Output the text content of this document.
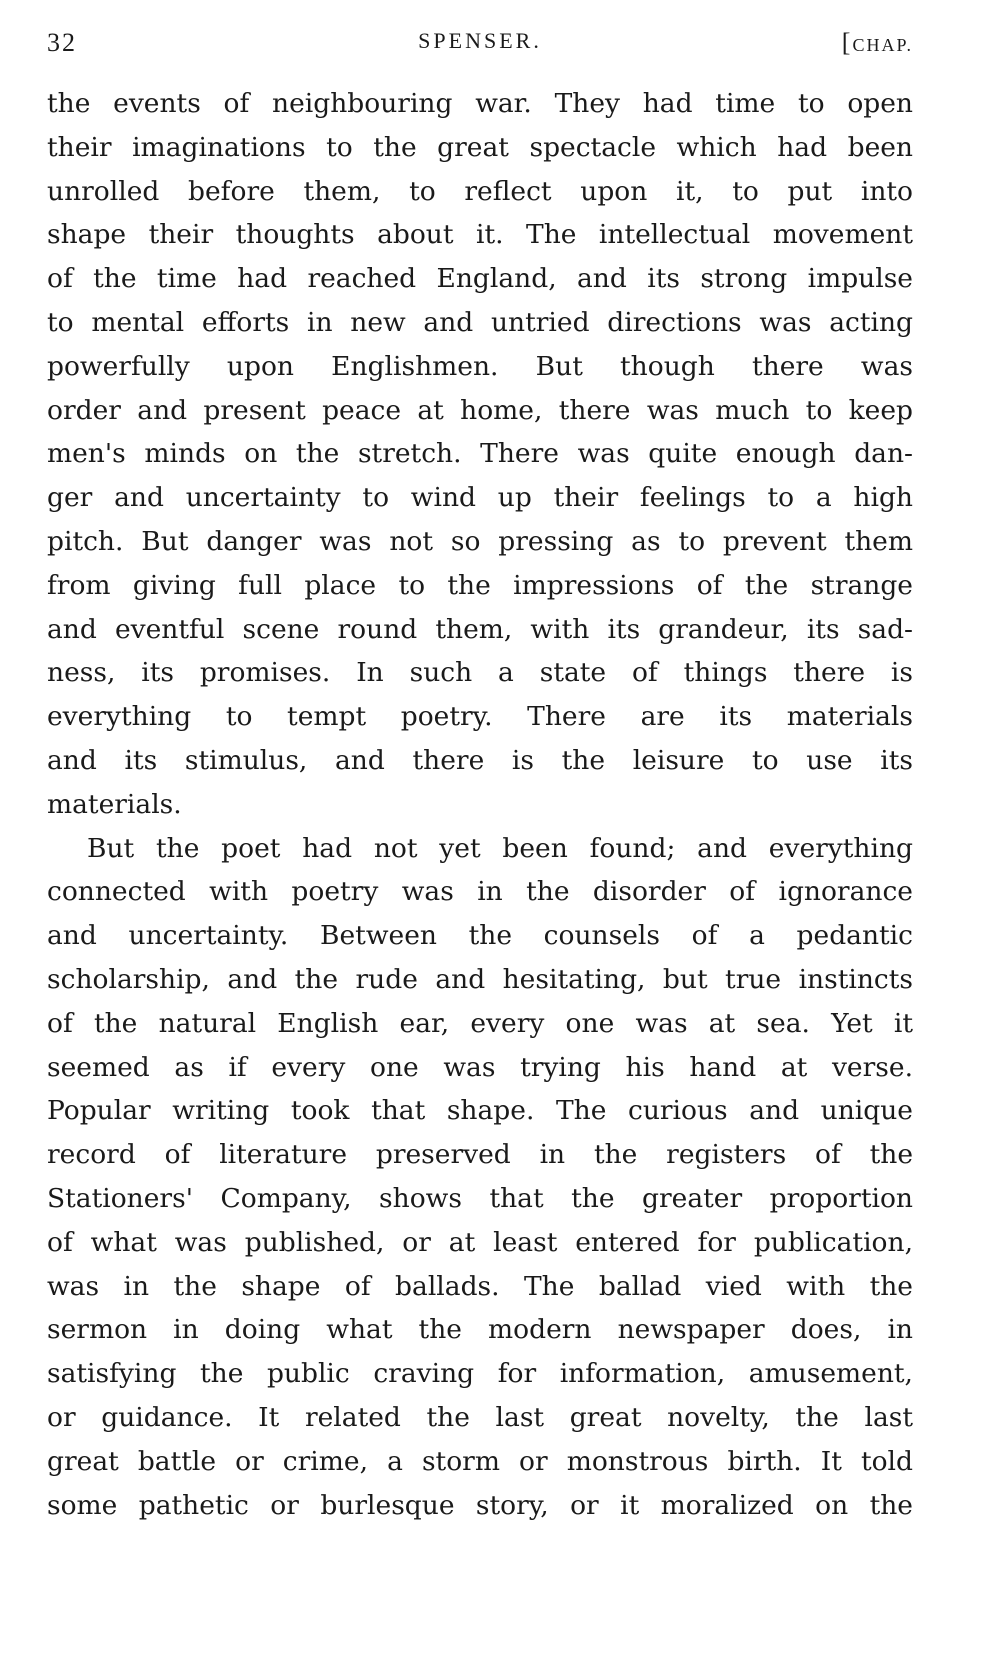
32	SPENSER.	[CHAP.
the events of neighbouring war. They had time to open
their imaginations to the great spectacle which had been
unrolled before them, to reflect upon it, to put into
shape their thoughts about it. The intellectual movement
of the time had reached England, and its strong impulse
to mental efforts in new and untried directions was acting
powerfully upon Englishmen. But though there was
order and present peace at home, there was much to keep
men's minds on the stretch. There was quite enough dan-
ger and uncertainty to wind up their feelings to a high
pitch. But danger was not so pressing as to prevent them
from giving full place to the impressions of the strange
and eventful scene round them, with its grandeur, its sad-
ness, its promises. In such a state of things there is
everything to tempt poetry. There are its materials
and its stimulus, and there is the leisure to use its
materials.
But the poet had not yet been found; and everything
connected with poetry was in the disorder of ignorance
and uncertainty. Between the counsels of a pedantic
scholarship, and the rude and hesitating, but true instincts
of the natural English ear, every one was at sea. Yet it
seemed as if every one was trying his hand at verse.
Popular writing took that shape. The curious and unique
record of literature preserved in the registers of the
Stationers' Company, shows that the greater proportion
of what was published, or at least entered for publication,
was in the shape of ballads. The ballad vied with the
sermon in doing what the modern newspaper does, in
satisfying the public craving for information, amusement,
or guidance. It related the last great novelty, the last
great battle or crime, a storm or monstrous birth. It told
some pathetic or burlesque story, or it moralized on the
